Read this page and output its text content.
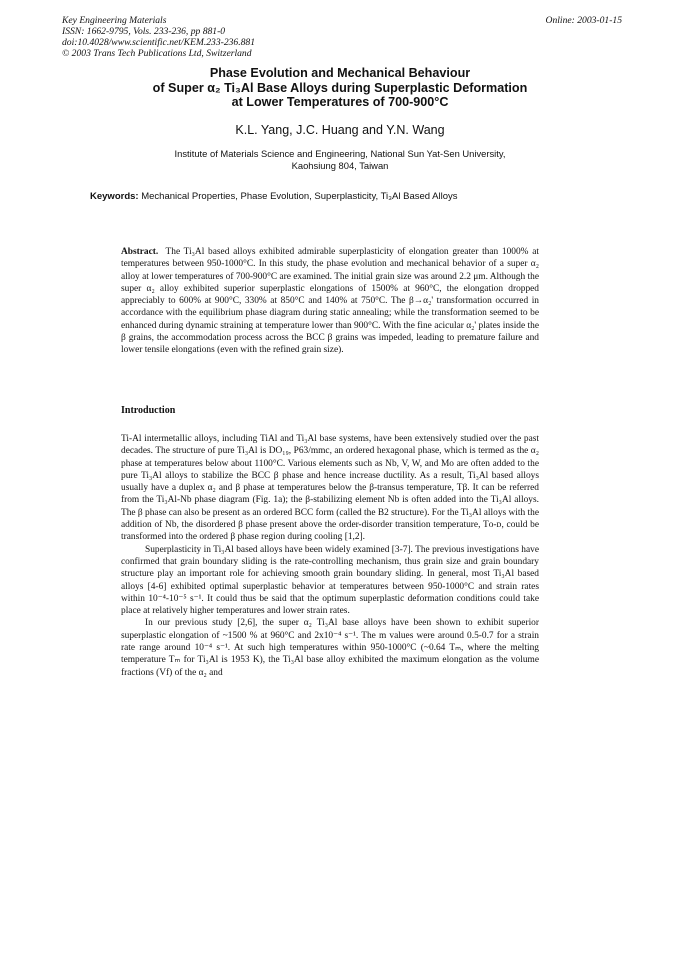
Key Engineering Materials
ISSN: 1662-9795, Vols. 233-236, pp 881-0
doi:10.4028/www.scientific.net/KEM.233-236.881
© 2003 Trans Tech Publications Ltd, Switzerland
Online: 2003-01-15
Phase Evolution and Mechanical Behaviour
of Super α₂ Ti₃Al Base Alloys during Superplastic Deformation
at Lower Temperatures of 700-900°C
K.L. Yang, J.C. Huang and Y.N. Wang
Institute of Materials Science and Engineering, National Sun Yat-Sen University,
Kaohsiung 804, Taiwan
Keywords: Mechanical Properties, Phase Evolution, Superplasticity, Ti₃Al Based Alloys
Abstract. The Ti₃Al based alloys exhibited admirable superplasticity of elongation greater than 1000% at temperatures between 950-1000°C. In this study, the phase evolution and mechanical behavior of a super α₂ alloy at lower temperatures of 700-900°C are examined. The initial grain size was around 2.2 μm. Although the super α₂ alloy exhibited superior superplastic elongations of 1500% at 960°C, the elongation dropped appreciably to 600% at 900°C, 330% at 850°C and 140% at 750°C. The β→α₂' transformation occurred in accordance with the equilibrium phase diagram during static annealing; while the transformation seemed to be enhanced during dynamic straining at temperature lower than 900°C. With the fine acicular α₂' plates inside the β grains, the accommodation process across the BCC β grains was impeded, leading to premature failure and lower tensile elongations (even with the refined grain size).
Introduction

Ti-Al intermetallic alloys, including TiAl and Ti₃Al base systems, have been extensively studied over the past decades. The structure of pure Ti₃Al is DO₁₉, P63/mmc, an ordered hexagonal phase, which is termed as the α₂ phase at temperatures below about 1100°C. Various elements such as Nb, V, W, and Mo are often added to the pure Ti₃Al alloys to stabilize the BCC β phase and hence increase ductility. As a result, Ti₃Al based alloys usually have a duplex α₂ and β phase at temperatures below the β-transus temperature, Tβ. It can be referred from the Ti₃Al-Nb phase diagram (Fig. 1a); the β-stabilizing element Nb is often added into the Ti₃Al alloys. The β phase can also be present as an ordered BCC form (called the B2 structure). For the Ti₃Al alloys with the addition of Nb, the disordered β phase present above the order-disorder transition temperature, Tᴏ-ᴅ, could be transformed into the ordered β phase region during cooling [1,2].

Superplasticity in Ti₃Al based alloys have been widely examined [3-7]. The previous investigations have confirmed that grain boundary sliding is the rate-controlling mechanism, thus grain size and grain boundary structure play an important role for achieving smooth grain boundary sliding. In general, most Ti₃Al based alloys [4-6] exhibited optimal superplastic behavior at temperatures between 950-1000°C and strain rates within 10⁻⁴-10⁻⁵ s⁻¹. It could thus be said that the optimum superplastic deformation conditions could take place at relatively higher temperatures and lower strain rates.

In our previous study [2,6], the super α₂ Ti₃Al base alloys have been shown to exhibit superior superplastic elongation of ~1500 % at 960°C and 2x10⁻⁴ s⁻¹. The m values were around 0.5-0.7 for a strain rate range around 10⁻⁴ s⁻¹. At such high temperatures within 950-1000°C (~0.64 Tₘ, where the melting temperature Tₘ for Ti₃Al is 1953 K), the Ti₃Al base alloy exhibited the maximum elongation as the volume fractions (Vf) of the α₂ and
